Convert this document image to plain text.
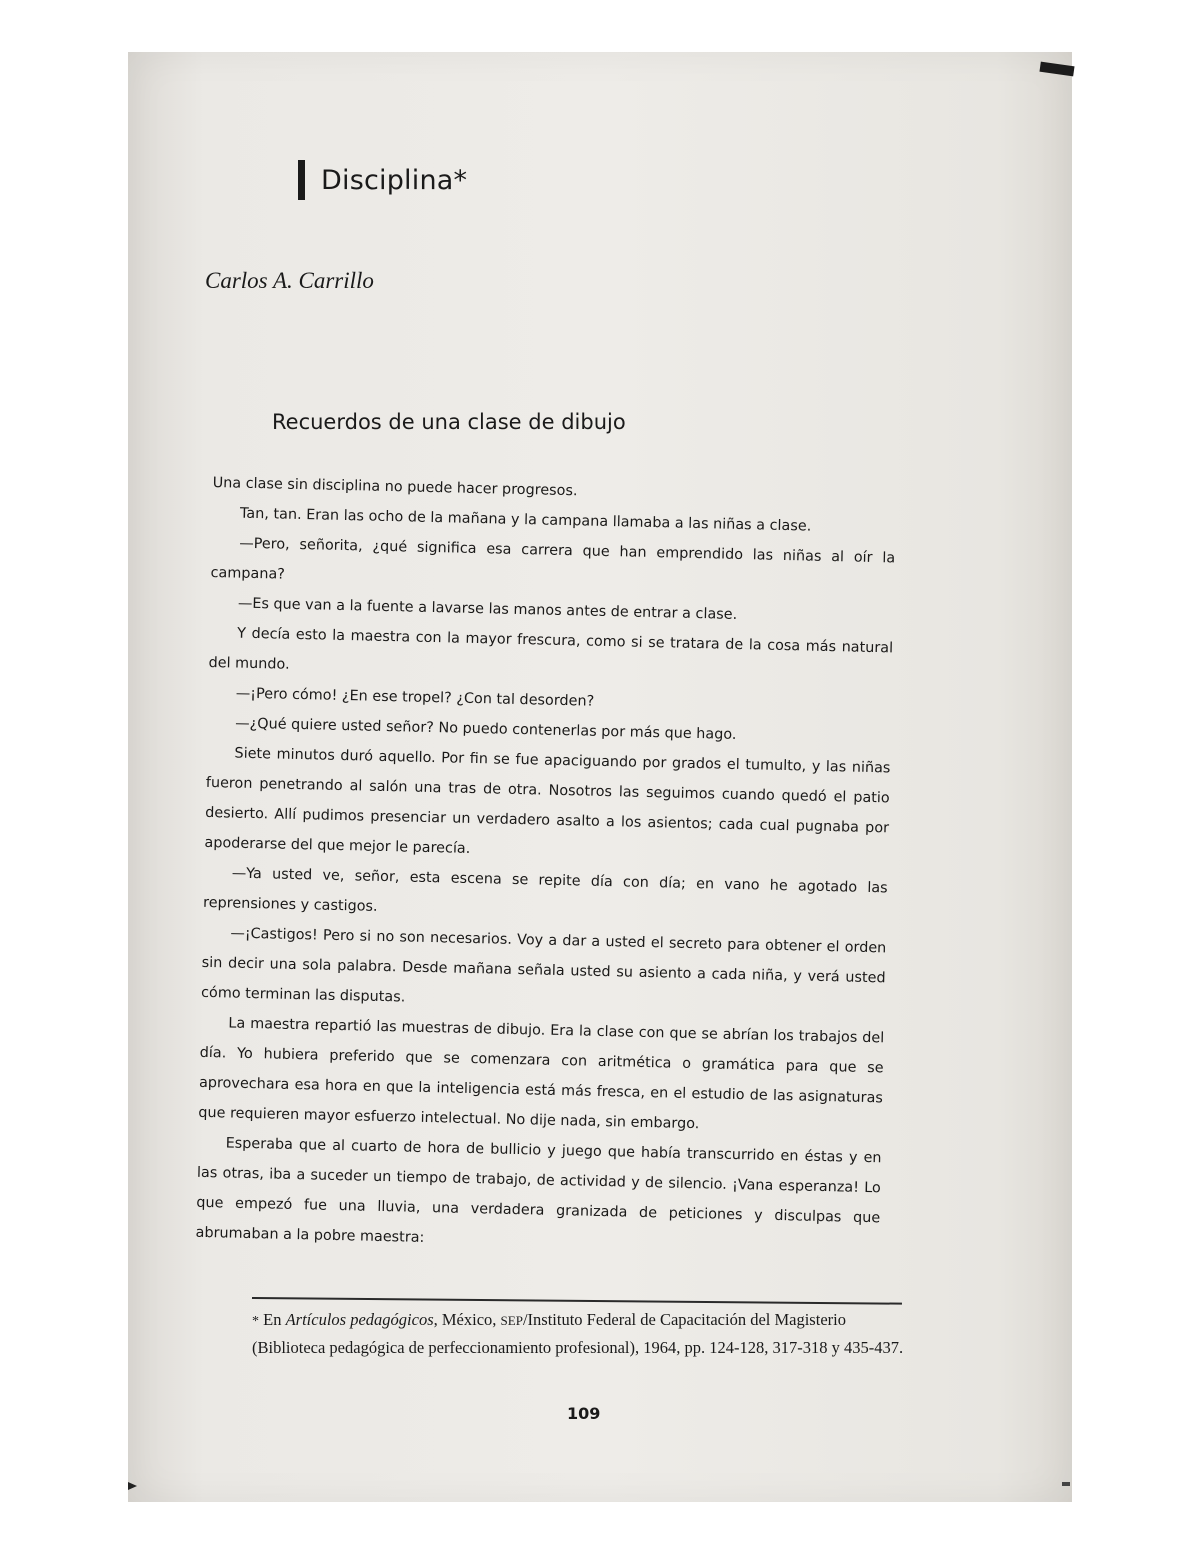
Disciplina*
Carlos A. Carrillo
Recuerdos de una clase de dibujo

Una clase sin disciplina no puede hacer progresos.

Tan, tan. Eran las ocho de la mañana y la campana llamaba a las niñas a clase.

—Pero, señorita, ¿qué significa esa carrera que han emprendido las niñas al oír la campana?

—Es que van a la fuente a lavarse las manos antes de entrar a clase.

Y decía esto la maestra con la mayor frescura, como si se tratara de la cosa más natural del mundo.

—¡Pero cómo! ¿En ese tropel? ¿Con tal desorden?

—¿Qué quiere usted señor? No puedo contenerlas por más que hago.

Siete minutos duró aquello. Por fin se fue apaciguando por grados el tumulto, y las niñas fueron penetrando al salón una tras de otra. Nosotros las seguimos cuando quedó el patio desierto. Allí pudimos presenciar un verdadero asalto a los asientos; cada cual pugnaba por apoderarse del que mejor le parecía.

—Ya usted ve, señor, esta escena se repite día con día; en vano he agotado las reprensiones y castigos.

—¡Castigos! Pero si no son necesarios. Voy a dar a usted el secreto para obtener el orden sin decir una sola palabra. Desde mañana señala usted su asiento a cada niña, y verá usted cómo terminan las disputas.

La maestra repartió las muestras de dibujo. Era la clase con que se abrían los trabajos del día. Yo hubiera preferido que se comenzara con aritmética o gramática para que se aprovechara esa hora en que la inteligencia está más fresca, en el estudio de las asignaturas que requieren mayor esfuerzo intelectual. No dije nada, sin embargo.

Esperaba que al cuarto de hora de bullicio y juego que había transcurrido en éstas y en las otras, iba a suceder un tiempo de trabajo, de actividad y de silencio. ¡Vana esperanza! Lo que empezó fue una lluvia, una verdadera granizada de peticiones y disculpas que abrumaban a la pobre maestra:

* En Artículos pedagógicos, México, SEP/Instituto Federal de Capacitación del Magisterio (Biblioteca pedagógica de perfeccionamiento profesional), 1964, pp. 124-128, 317-318 y 435-437.
109
